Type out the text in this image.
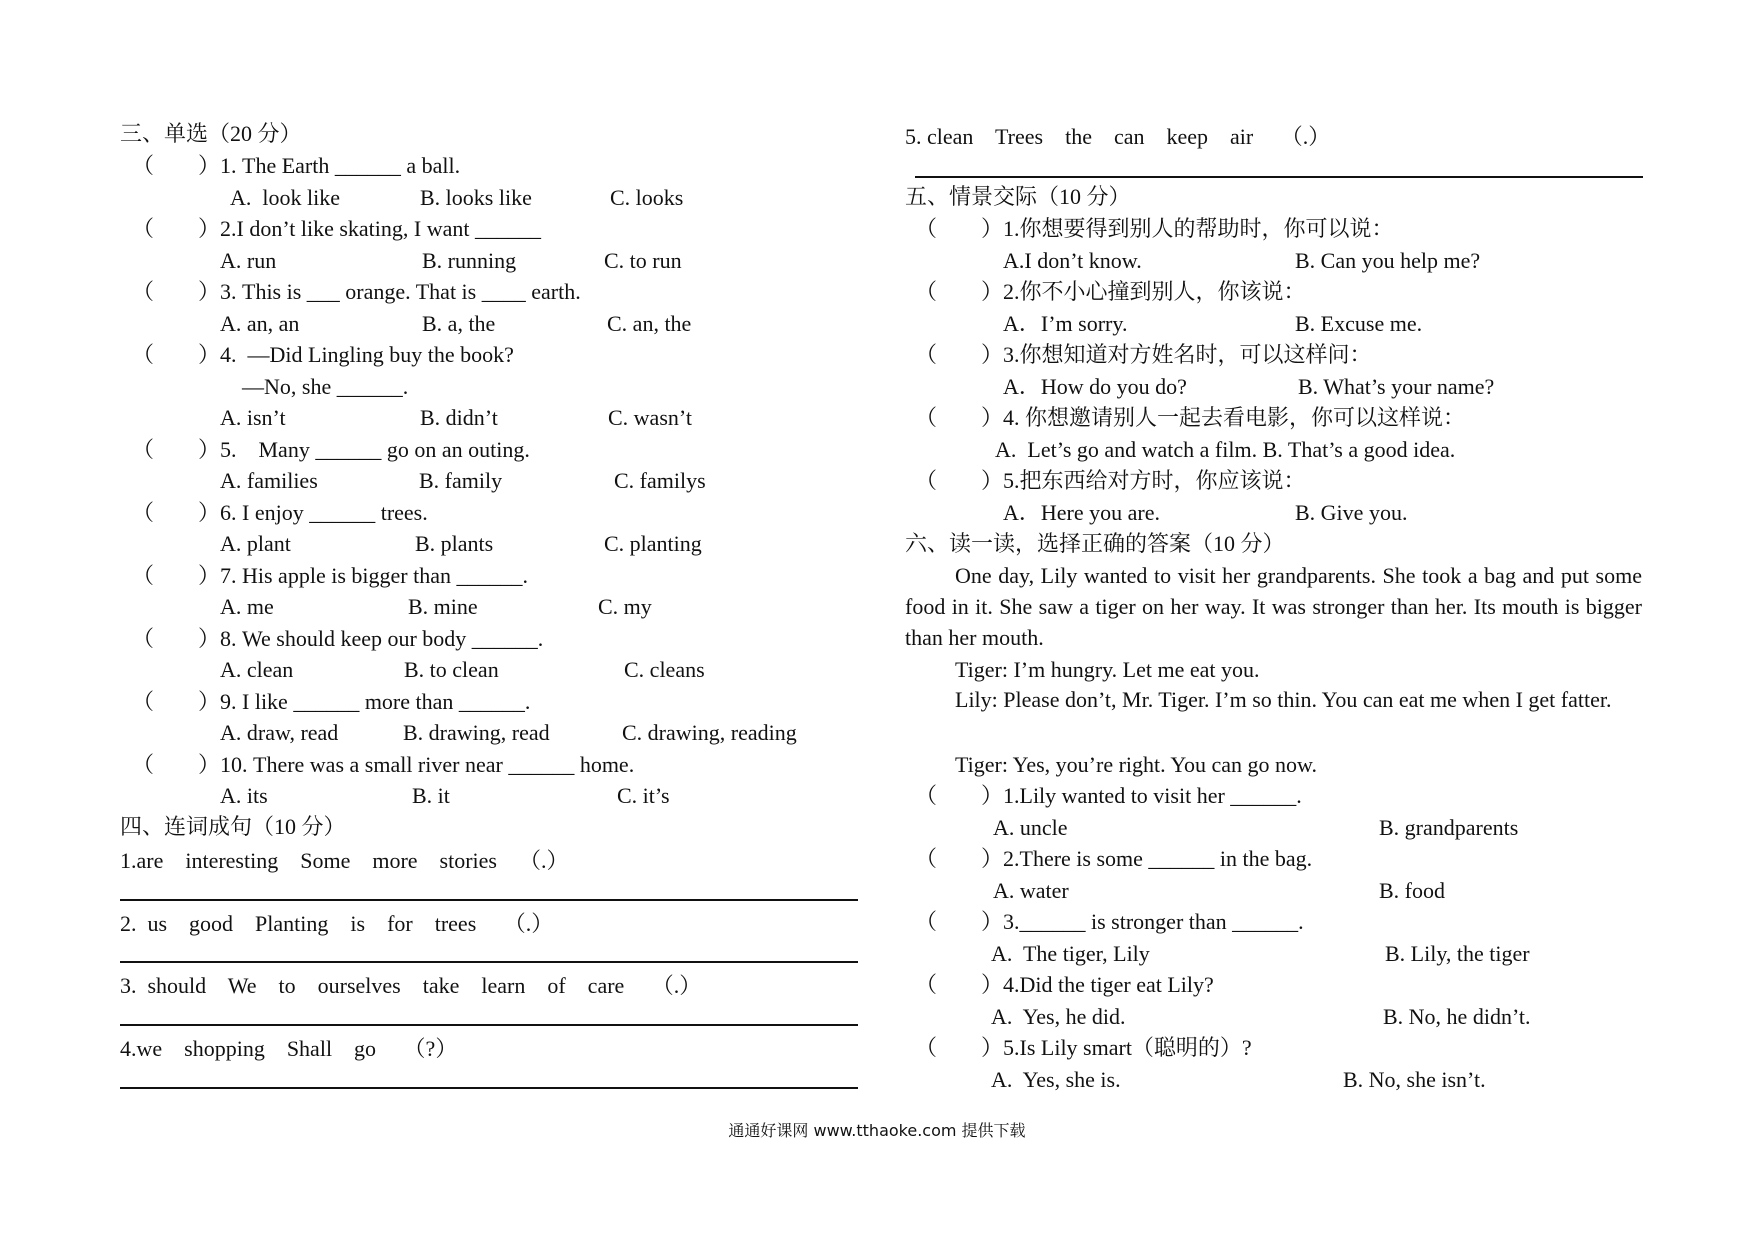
三、单选（20 分）
（        ）1. The Earth ______ a ball.
A.  look like	B. looks like	C. looks
（        ）2.I don’t like skating, I want ______
A. run	B. running	C. to run
（        ）3. This is ___ orange. That is ____ earth.
A. an, an	B. a, the	C. an, the
（        ）4.  —Did Lingling buy the book?
—No, she ______.
A. isn’t	B. didn’t	C. wasn’t
（        ）5.    Many ______ go on an outing.
A. families	B. family	C. familys
（        ）6. I enjoy ______ trees.
A. plant	B. plants	C. planting
（        ）7. His apple is bigger than ______.
A. me	B. mine	C. my
（        ）8. We should keep our body ______.
A. clean	B. to clean	C. cleans
（        ）9. I like ______ more than ______.
A. draw, read	B. drawing, read	C. drawing, reading
（        ）10. There was a small river near ______ home.
A. its	B. it	C. it’s
四、连词成句（10 分）
1.are    interesting    Some    more    stories    （.）
2.  us    good    Planting    is    for    trees     （.）
3.  should    We    to    ourselves    take    learn    of    care     （.）
4.we    shopping    Shall    go     （?）
5. clean    Trees    the    can    keep    air     （.）
五、情景交际（10 分）
（        ）1.你想要得到别人的帮助时，你可以说：
A.I don’t know.	B. Can you help me?
（        ）2.你不小心撞到别人，你该说：
A．I’m sorry.	B. Excuse me.
（        ）3.你想知道对方姓名时，可以这样问：
A．How do you do?	B. What’s your name?
（        ）4. 你想邀请别人一起去看电影，你可以这样说：
A.  Let’s go and watch a film. B. That’s a good idea.
（        ）5.把东西给对方时，你应该说：
A．Here you are.	B. Give you.
六、读一读，选择正确的答案（10 分）
One day, Lily wanted to visit her grandparents. She took a bag and put some food in it. She saw a tiger on her way. It was stronger than her. Its mouth is bigger than her mouth.
Tiger: I’m hungry. Let me eat you.
Lily: Please don’t, Mr. Tiger. I’m so thin. You can eat me when I get fatter.
Tiger: Yes, you’re right. You can go now.
（        ）1.Lily wanted to visit her ______.
A. uncle	B. grandparents
（        ）2.There is some ______ in the bag.
A. water	B. food
（        ）3.______ is stronger than ______.
A.  The tiger, Lily	B. Lily, the tiger
（        ）4.Did the tiger eat Lily?
A.  Yes, he did.	B. No, he didn’t.
（        ）5.Is Lily smart（聪明的）?
A.  Yes, she is.	B. No, she isn’t.
通通好课网 www.tthaoke.com 提供下载
